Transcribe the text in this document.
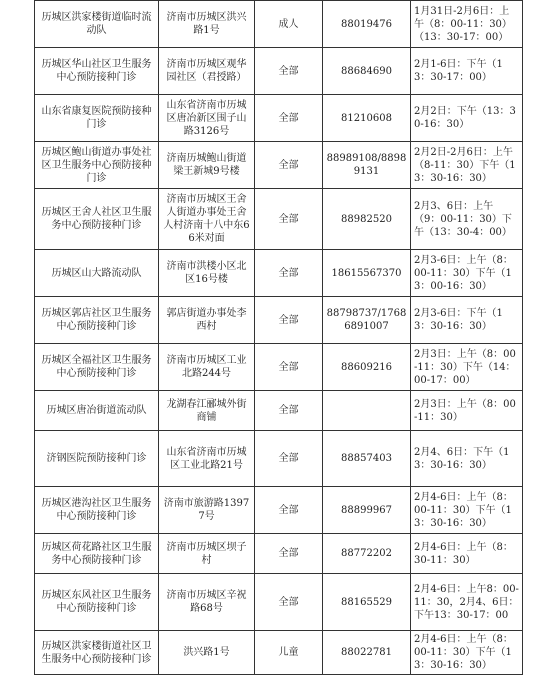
历城区洪家楼街道临时流动队	济南市历城区洪兴路1号	成人	88019476	1月31日-2月6日：上午（8：00-11：30）（13：30-17：00）
历城区华山社区卫生服务中心预防接种门诊	济南市历城区观华园社区（君授路）	全部	88684690	2月1-6日：下午（13：30-17：00）
山东省康复医院预防接种门诊	山东省济南市历城区唐冶新区围子山路3126号	全部	81210608	2月2日：下午（13：30-16：30）
历城区鲍山街道办事处社区卫生服务中心预防接种门诊	济南历城鲍山街道梁王新城9号楼	全部	88989108/88989131	2月2日-2月6日：上午（8-11：30）下午（13：30-16：30）
历城区王舍人社区卫生服务中心预防接种门诊	济南市历城区王舍人街道办事处王舍人村济南十八中东66米对面	全部	88982520	2月3、6日：上午（9：00-11：30）下午（13：30-4：00）
历城区山大路流动队	济南市洪楼小区北区16号楼	全部	18615567370	2月3-6日：上午（8：00-11：30）下午（13：00-16：30）
历城区郭店社区卫生服务中心预防接种门诊	郭店街道办事处李西村	全部	88798737/17686891007	2月3-6日：下午（13：30-16：30）
历城区全福社区卫生服务中心预防接种门诊	济南市历城区工业北路244号	全部	88609216	2月3日：上午（8：00-11：30）下午（14：00-17：00）
历城区唐冶街道流动队	龙湖春江郦城外街商铺	全部		2月3日：上午（8：00-11：30）
济钢医院预防接种门诊	山东省济南市历城区工业北路21号	全部	88857403	2月4、6日：下午（13：30-16：30）
历城区港沟社区卫生服务中心预防接种门诊	济南市旅游路13977号	全部	88899967	2月4-6日：上午（8：00-11：30）下午（13：30-16：30）
历城区荷花路社区卫生服务中心预防接种门诊	济南市历城区坝子村	全部	88772202	2月4-6日：上午（8：30-11：30）
历城区东风社区卫生服务中心预防接种门诊	济南市历城区辛祝路68号	全部	88165529	2月4-6日：上午8：00-11：30，2月4、6日：下午13：30-17：00
历城区洪家楼街道社区卫生服务中心预防接种门诊	洪兴路1号	儿童	88022781	2月4-6日：上午（8：00-11：30）下午（13：30-16：30）
